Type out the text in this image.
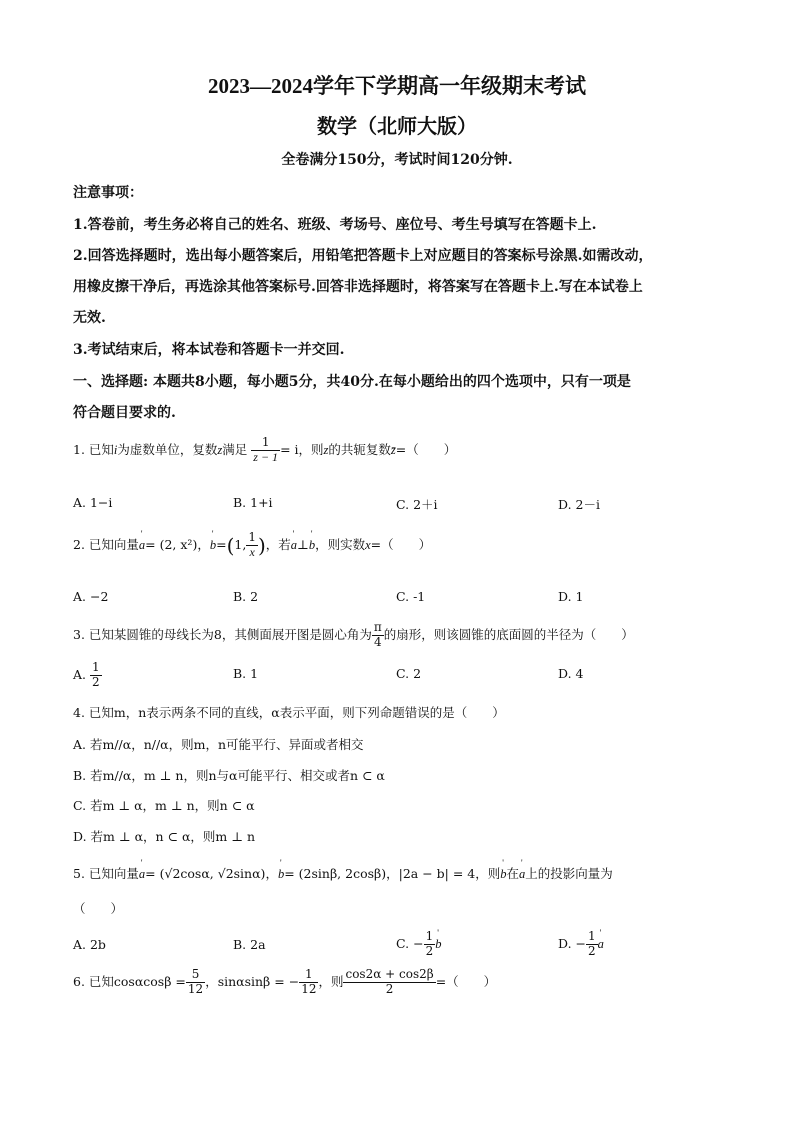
2023—2024学年下学期高一年级期末考试
数学（北师大版）
全卷满分150分，考试时间120分钟.
注意事项：
1.答卷前，考生务必将自己的姓名、班级、考场号、座位号、考生号填写在答题卡上.
2.回答选择题时，选出每小题答案后，用铅笔把答题卡上对应题目的答案标号涂黑.如需改动，
用橡皮擦干净后，再选涂其他答案标号.回答非选择题时，将答案写在答题卡上.写在本试卷上
无效.
3.考试结束后，将本试卷和答题卡一并交回.
一、选择题: 本题共8小题，每小题5分，共40分.在每小题给出的四个选项中，只有一项是
符合题目要求的.
1. 已知i为虚数单位，复数z满足 $\frac{1}{z - 1} = i$，则z的共轭复数z̄=（　　）
A. 1−i	B. 1+i	C. 2＋i	D. 2－i
2. 已知向量' a= (2, x²)，' b=(1, $\frac{1}{x}$ )，若' a⊥' b，则实数x=（　　）
A. −2	B. 2	C. -1	D. 1
3. 已知某圆锥的母线长为8，其侧面展开图是圆心角为 $\frac{\pi}{4}$ 的扇形，则该圆锥的底面圆的半径为（　　）
A. $\frac{1}{2}$	B. 1	C. 2	D. 4
4. 已知m，n表示两条不同的直线，α表示平面，则下列命题错误的是（　　）
A. 若m//α，n//α，则m，n可能平行、异面或者相交
B. 若m//α，m ⊥ n，则n与α可能平行、相交或者n ⊂ α
C. 若m ⊥ α，m ⊥ n，则n ⊂ α
D. 若m ⊥ α，n ⊂ α，则m ⊥ n
5. 已知向量' a= (√2cosα, √2sinα)，' b= (2sinβ, 2cosβ)，|2a − b| = 4，则' b在' a上的投影向量为
（　　）
A. 2b	B. 2a	C. − $\frac{1}{2}$ ' b	D. − $\frac{1}{2}$ ' a
6. 已知$\cos\alpha\cos\beta = \frac{5}{12}$ ，sinαsinβ = − $\frac{1}{12}$ ，则 $\frac{\cos 2\alpha + \cos 2\beta}{2}$ =（　　）
